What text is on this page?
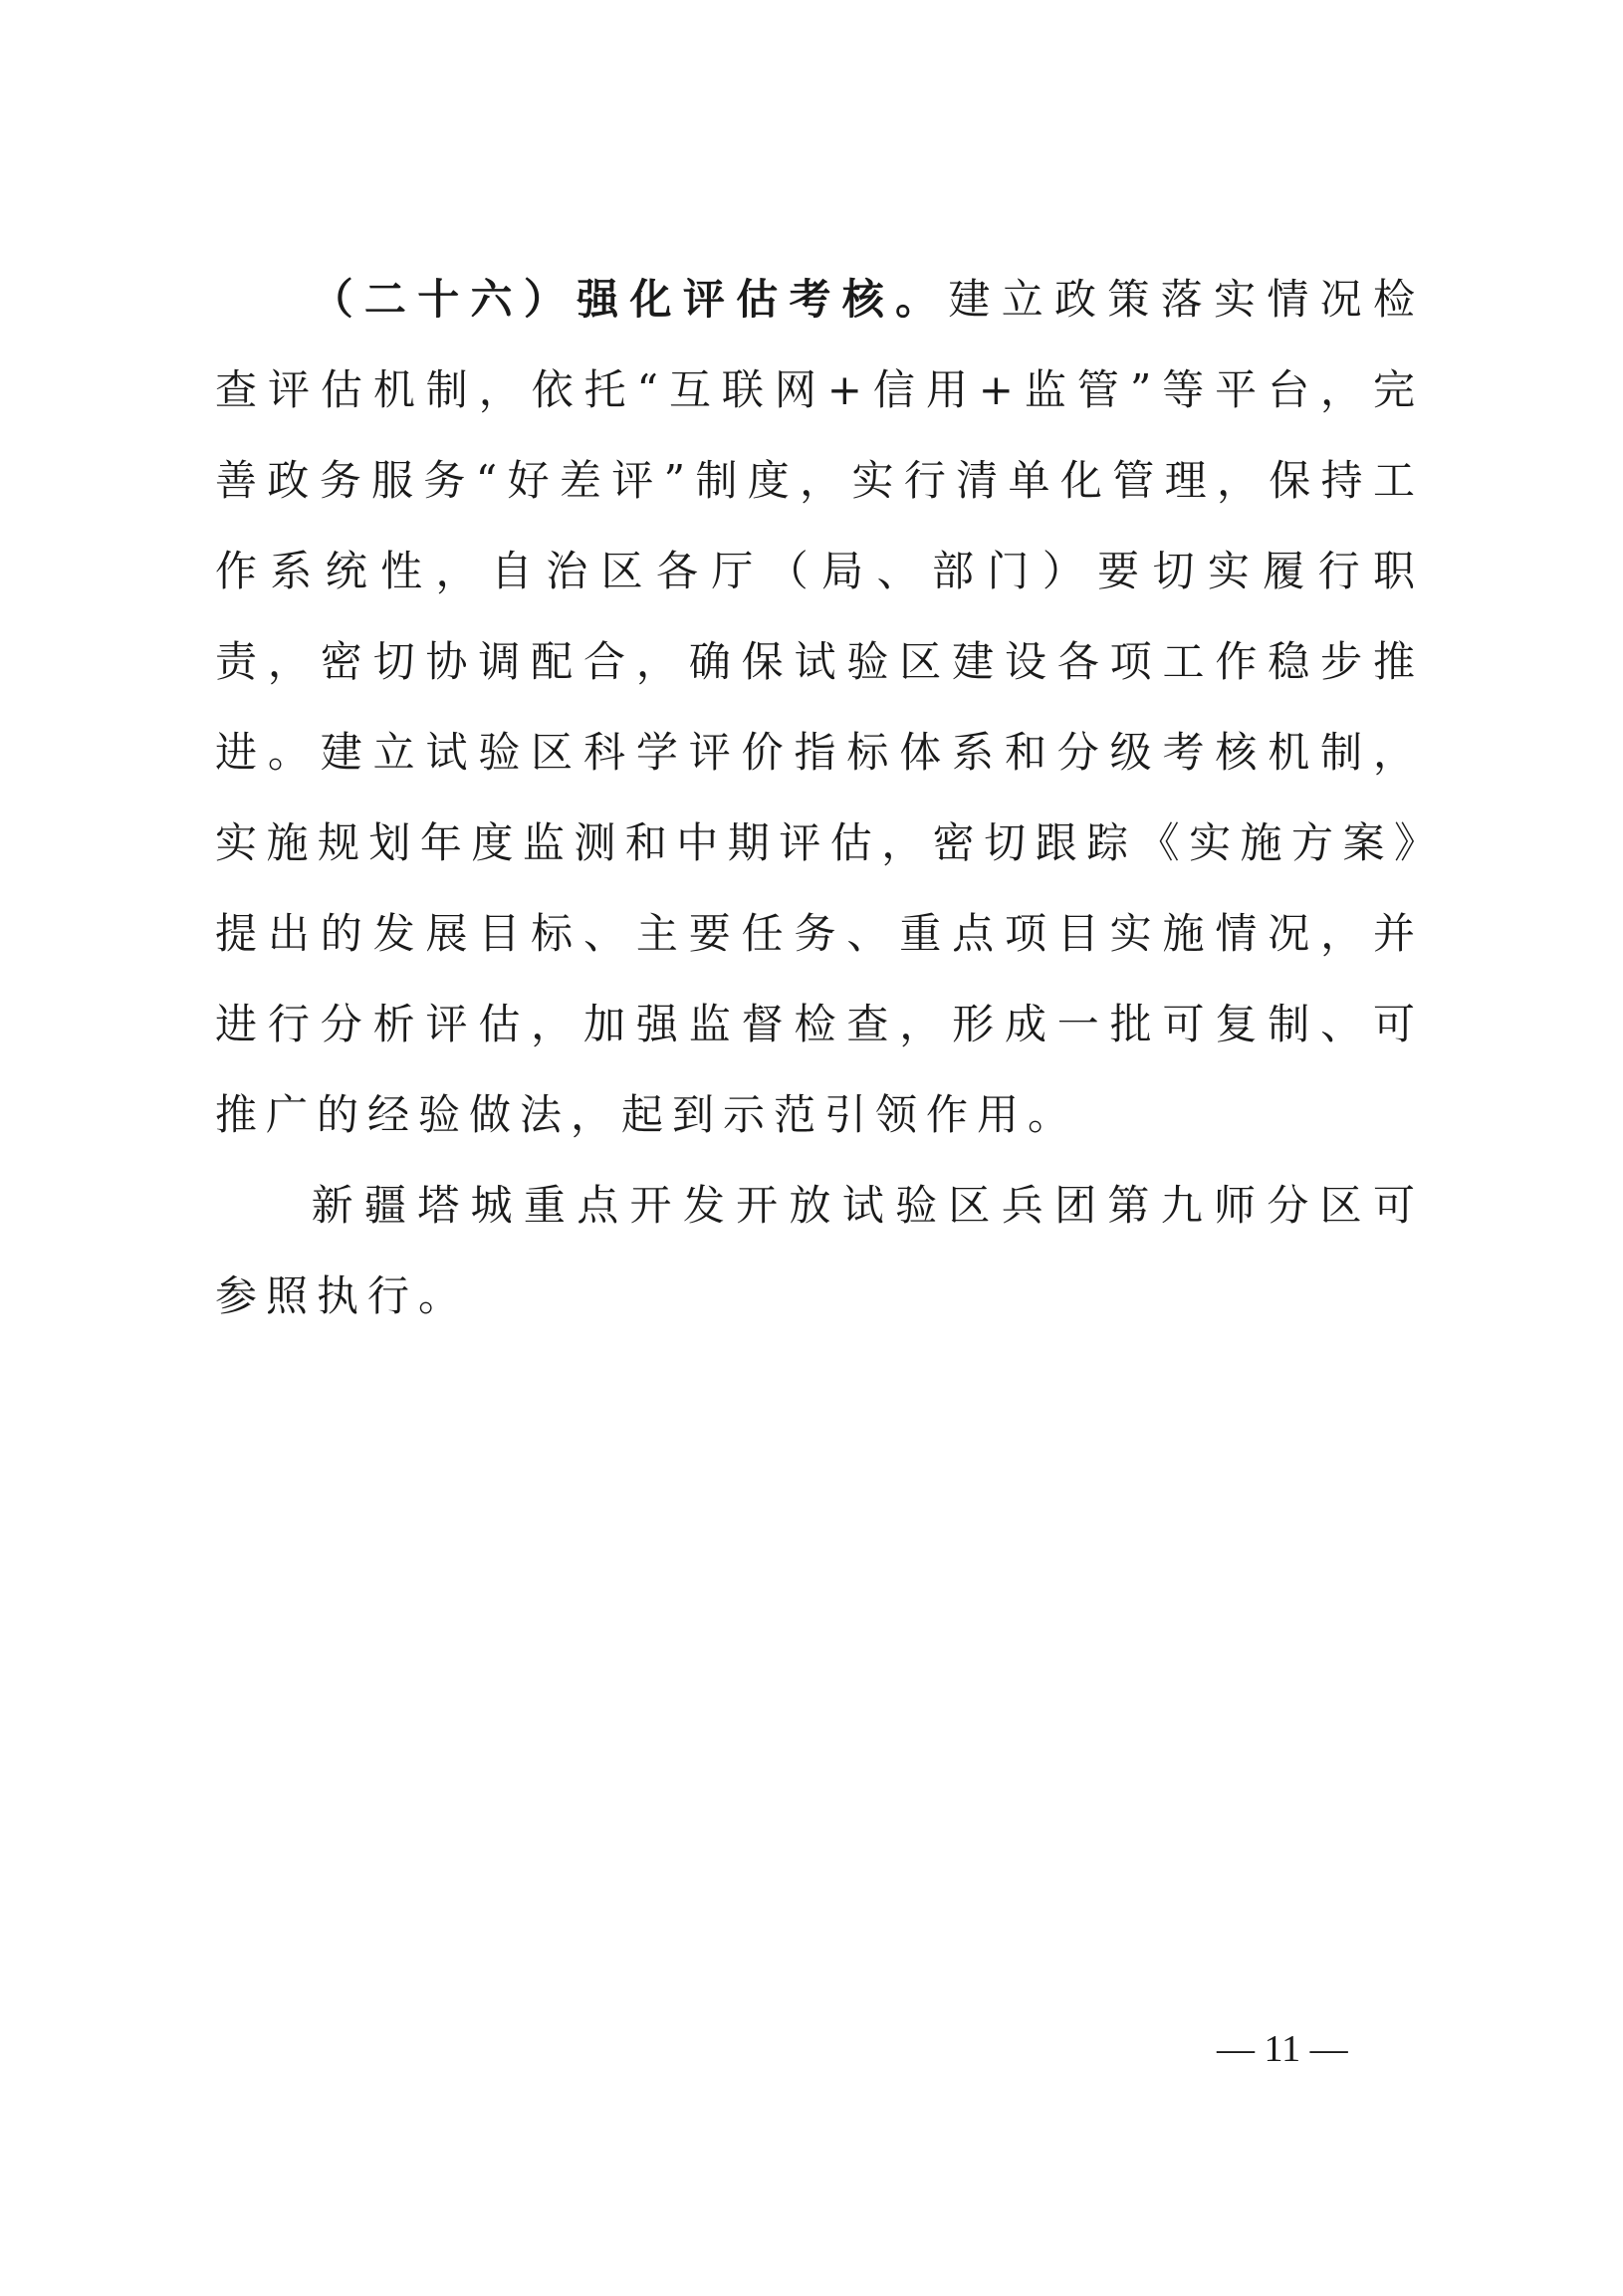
（二十六）强化评估考核。建立政策落实情况检查评估机制，依托“互联网+信用+监管”等平台，完善政务服务“好差评”制度，实行清单化管理，保持工作系统性，自治区各厅（局、部门）要切实履行职责，密切协调配合，确保试验区建设各项工作稳步推进。建立试验区科学评价指标体系和分级考核机制，实施规划年度监测和中期评估，密切跟踪《实施方案》提出的发展目标、主要任务、重点项目实施情况，并进行分析评估，加强监督检查，形成一批可复制、可推广的经验做法，起到示范引领作用。

新疆塔城重点开发开放试验区兵团第九师分区可参照执行。

— 11 —
